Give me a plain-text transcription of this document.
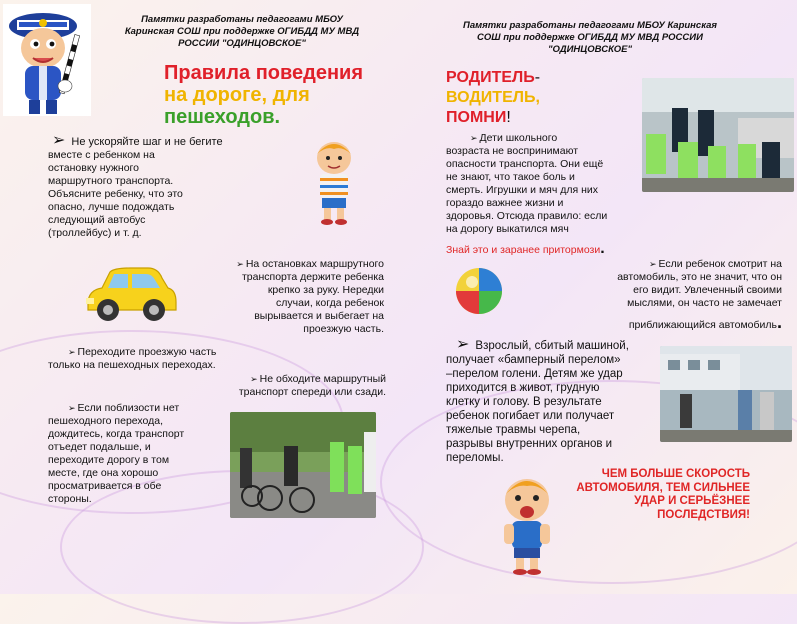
Памятки разработаны педагогами МБОУ
Каринская СОШ при поддержке ОГИБДД МУ МВД
РОССИИ "ОДИНЦОВСКОЕ"
Правила поведения
на дороге, для
пешеходов.
➢ Не ускоряйте шаг и не бегите
вместе с ребенком на
остановку нужного
маршрутного транспорта.
Объясните ребенку, что это
опасно, лучше подождать
следующий автобус
(троллейбус) и т. д.
➢ На остановках маршрутного
транспорта держите ребенка
крепко за руку. Нередки
случаи, когда ребенок
вырывается и выбегает на
проезжую часть.
➢ Переходите проезжую часть
только на пешеходных переходах.
➢ Не обходите маршрутный
транспорт спереди или сзади.
➢ Если поблизости нет
пешеходного перехода,
дождитесь, когда транспорт
отъедет подальше, и
переходите дорогу в том
месте, где она хорошо
просматривается в обе
стороны.
Памятки разработаны педагогами МБОУ Каринская
СОШ при поддержке ОГИБДД МУ МВД РОССИИ
"ОДИНЦОВСКОЕ"
РОДИТЕЛЬ-
ВОДИТЕЛЬ,
ПОМНИ!
➢ Дети школьного
возраста не воспринимают
опасности транспорта. Они ещё
не знают, что такое боль и
смерть. Игрушки и мяч для них
гораздо важнее жизни и
здоровья. Отсюда правило: если
на дорогу выкатился мяч
Знай это и заранее притормози.
➢ Если ребенок смотрит на
автомобиль, это не значит, что он
его видит. Увлеченный своими
мыслями, он часто не замечает
приближающийся автомобиль.
➢ Взрослый, сбитый машиной,
получает «бамперный перелом»
–перелом голени. Детям же удар
приходится в живот, грудную
клетку и голову. В результате
ребенок погибает или получает
тяжелые травмы черепа,
разрывы внутренних органов и
переломы.
ЧЕМ БОЛЬШЕ СКОРОСТЬ
АВТОМОБИЛЯ, ТЕМ СИЛЬНЕЕ
УДАР И СЕРЬЁЗНЕЕ
ПОСЛЕДСТВИЯ!
